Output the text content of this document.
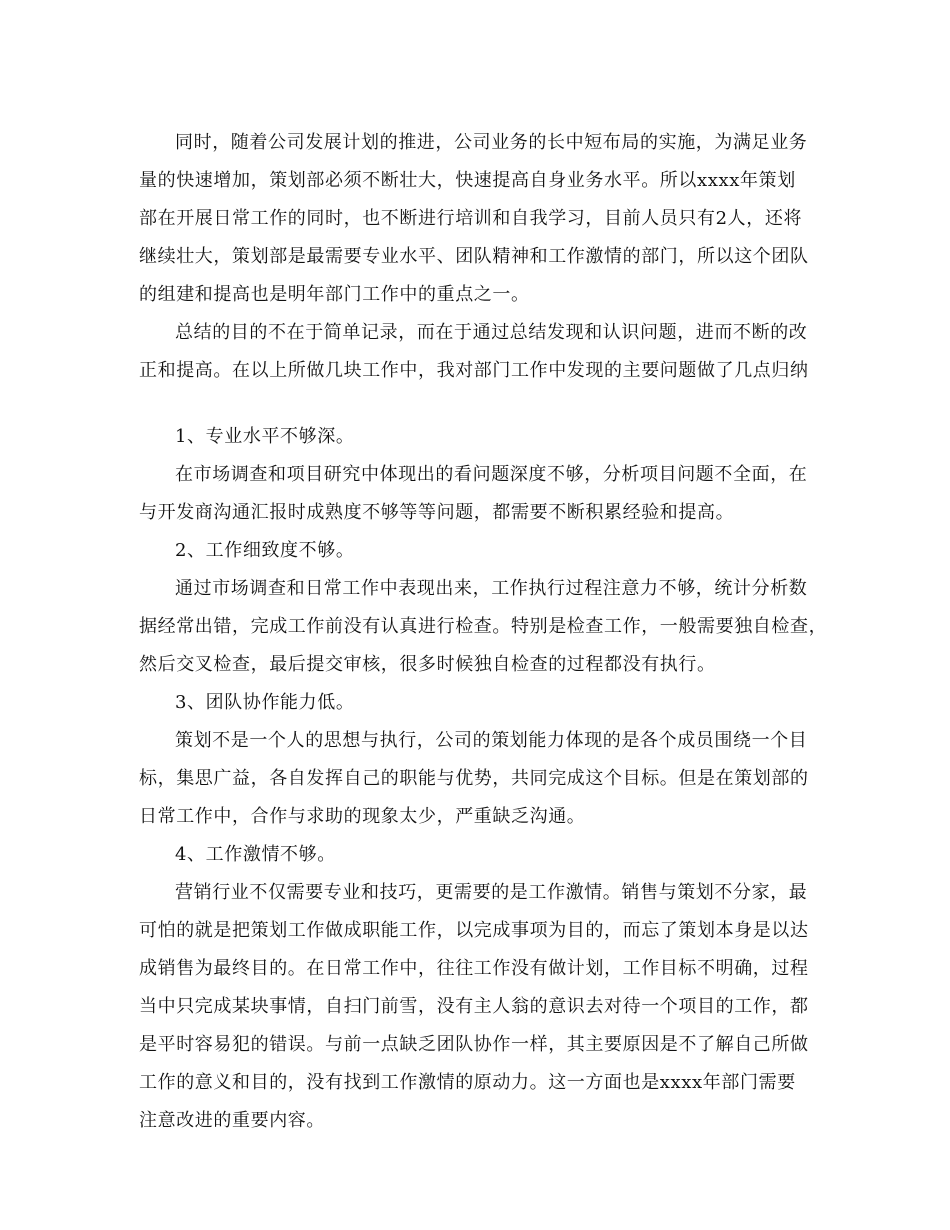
同时，随着公司发展计划的推进，公司业务的长中短布局的实施，为满足业务
量的快速增加，策划部必须不断壮大，快速提高自身业务水平。所以xxxx年策划
部在开展日常工作的同时，也不断进行培训和自我学习，目前人员只有2人，还将
继续壮大，策划部是最需要专业水平、团队精神和工作激情的部门，所以这个团队
的组建和提高也是明年部门工作中的重点之一。
总结的目的不在于简单记录，而在于通过总结发现和认识问题，进而不断的改
正和提高。在以上所做几块工作中，我对部门工作中发现的主要问题做了几点归纳
1、专业水平不够深。
在市场调查和项目研究中体现出的看问题深度不够，分析项目问题不全面，在
与开发商沟通汇报时成熟度不够等等问题，都需要不断积累经验和提高。
2、工作细致度不够。
通过市场调查和日常工作中表现出来，工作执行过程注意力不够，统计分析数
据经常出错，完成工作前没有认真进行检查。特别是检查工作，一般需要独自检查，
然后交叉检查，最后提交审核，很多时候独自检查的过程都没有执行。
3、团队协作能力低。
策划不是一个人的思想与执行，公司的策划能力体现的是各个成员围绕一个目
标，集思广益，各自发挥自己的职能与优势，共同完成这个目标。但是在策划部的
日常工作中，合作与求助的现象太少，严重缺乏沟通。
4、工作激情不够。
营销行业不仅需要专业和技巧，更需要的是工作激情。销售与策划不分家，最
可怕的就是把策划工作做成职能工作，以完成事项为目的，而忘了策划本身是以达
成销售为最终目的。在日常工作中，往往工作没有做计划，工作目标不明确，过程
当中只完成某块事情，自扫门前雪，没有主人翁的意识去对待一个项目的工作，都
是平时容易犯的错误。与前一点缺乏团队协作一样，其主要原因是不了解自己所做
工作的意义和目的，没有找到工作激情的原动力。这一方面也是xxxx年部门需要
注意改进的重要内容。
